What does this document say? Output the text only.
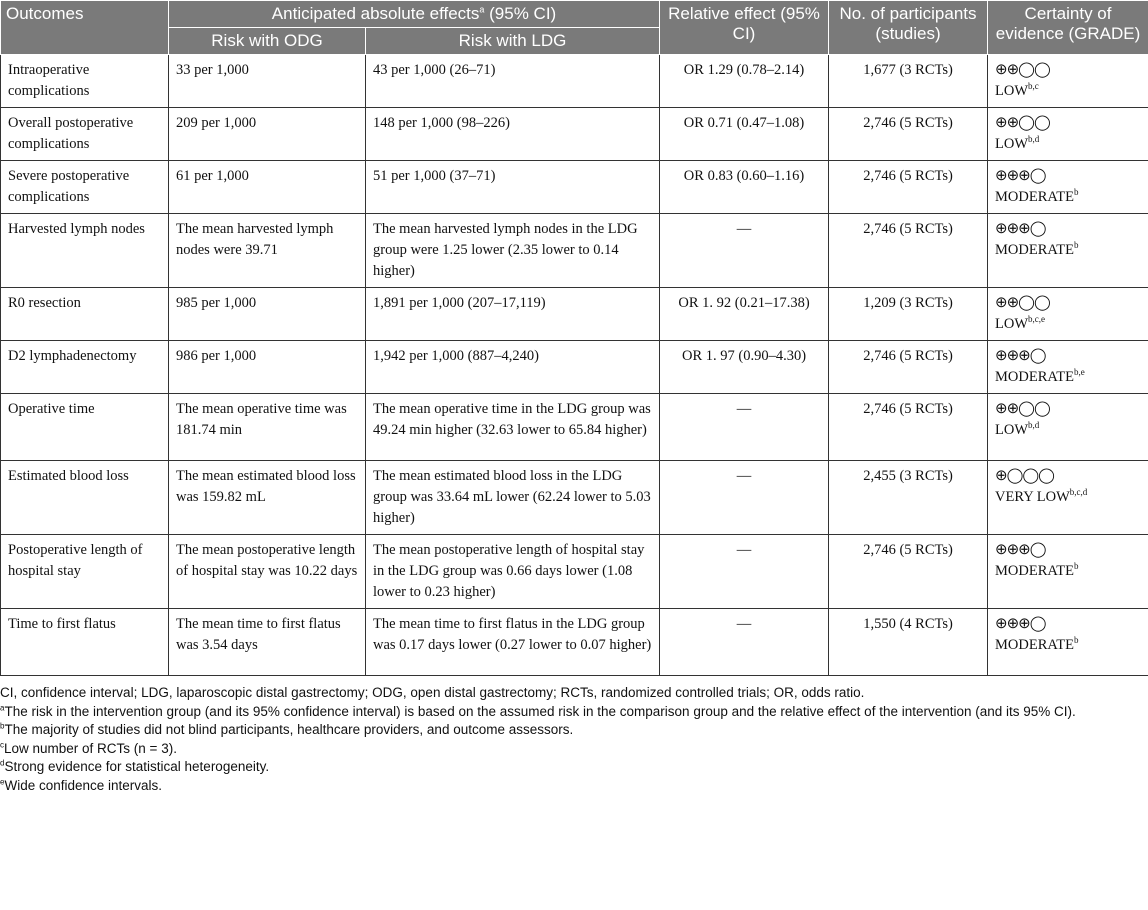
Outcomes	Anticipated absolute effects$^a$ (95% CI)		Relative effect (95% CI)	No. of participants (studies)	Certainty of evidence (GRADE)
	Risk with ODG	Risk with LDG			
Intraoperative complications	33 per 1,000	43 per 1,000 (26–71)	OR 1.29 (0.78–2.14)	1,677 (3 RCTs)	⊕⊕◯◯
LOW$^{b,c}$

Overall postoperative complications	209 per 1,000	148 per 1,000 (98–226)	OR 0.71 (0.47–1.08)	2,746 (5 RCTs)	⊕⊕◯◯
LOW$^{b,d}$

Severe postoperative complications	61 per 1,000	51 per 1,000 (37–71)	OR 0.83 (0.60–1.16)	2,746 (5 RCTs)	⊕⊕⊕◯
MODERATE$^b$

Harvested lymph nodes	The mean harvested lymph nodes were 39.71	The mean harvested lymph nodes in the LDG group were 1.25 lower (2.35 lower to 0.14 higher)	—	2,746 (5 RCTs)	⊕⊕⊕◯
MODERATE$^b$

R0 resection	985 per 1,000	1,891 per 1,000 (207–17,119)	OR 1. 92 (0.21–17.38)	1,209 (3 RCTs)	⊕⊕◯◯
LOW$^{b,c,e}$

D2 lymphadenectomy	986 per 1,000	1,942 per 1,000 (887–4,240)	OR 1. 97 (0.90–4.30)	2,746 (5 RCTs)	⊕⊕⊕◯
MODERATE$^{b,e}$

Operative time	The mean operative time was 181.74 min	The mean operative time in the LDG group was 49.24 min higher (32.63 lower to 65.84 higher)	—	2,746 (5 RCTs)	⊕⊕◯◯
LOW$^{b,d}$

Estimated blood loss	The mean estimated blood loss was 159.82 mL	The mean estimated blood loss in the LDG group was 33.64 mL lower (62.24 lower to 5.03 higher)	—	2,455 (3 RCTs)	⊕◯◯◯
VERY LOW$^{b,c,d}$

Postoperative length of hospital stay	The mean postoperative length of hospital stay was 10.22 days	The mean postoperative length of hospital stay in the LDG group was 0.66 days lower (1.08 lower to 0.23 higher)	—	2,746 (5 RCTs)	⊕⊕⊕◯
MODERATE$^b$

Time to first flatus	The mean time to first flatus was 3.54 days	The mean time to first flatus in the LDG group was 0.17 days lower (0.27 lower to 0.07 higher)	—	1,550 (4 RCTs)	⊕⊕⊕◯
MODERATE$^b$

CI, confidence interval; LDG, laparoscopic distal gastrectomy; ODG, open distal gastrectomy; RCTs, randomized controlled trials; OR, odds ratio.

$^a$The risk in the intervention group (and its 95% confidence interval) is based on the assumed risk in the comparison group and the relative effect of the intervention (and its 95% CI).

$^b$The majority of studies did not blind participants, healthcare providers, and outcome assessors.

$^c$Low number of RCTs (n = 3).

$^d$Strong evidence for statistical heterogeneity.

$^e$Wide confidence intervals.
